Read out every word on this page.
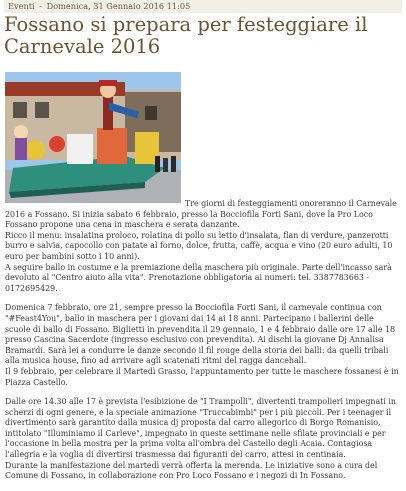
Eventi - Domenica, 31 Gennaio 2016 11:05
Fossano si prepara per festeggiare il Carnevale 2016

Tre giorni di festeggiamenti onoreranno il Carnevale 2016 a Fossano. Si inizia sabato 6 febbraio, presso la Bocciofila Forti Sani, dove la Pro Loco Fossano propone una cena in maschera e serata danzante.
Ricco il menu: insalatina proloco, rolatina di pollo su letto d'insalata, flan di verdure, panzerotti burro e salvia, capocollo con patate al forno, dolce, frutta, caffè, acqua e vino (20 euro adulti, 10 euro per bambini sotto i 10 anni).
A seguire ballo in costume e la premiazione della maschera più originale. Parte dell'incasso sarà devoluto al "Centro aiuto alla vita". Prenotazione obbligatoria ai numeri: tel. 3387783663 - 0172695429.

Domenica 7 febbraio, ore 21, sempre presso la Bocciofila Forti Sani, il carnevale continua con "#Feast4You", ballo in maschera per i giovani dai 14 ai 18 anni. Partecipano i ballerini delle scuole di ballo di Fossano. Biglietti in prevendita il 29 gennaio, 1 e 4 febbraio dalle ore 17 alle 18 presso Cascina Sacerdote (ingresso esclusivo con prevendita). Ai dischi la giovane Dj Annalisa Bramardi. Sarà lei a condurre le danze secondo il fil rouge della storia dei balli: da quelli tribali alla musica house, fino ad arrivare agli scatenati ritmi del ragga dancehall.
Il 9 febbraio, per celebrare il Martedì Grasso, l'appuntamento per tutte le maschere fossanesi è in Piazza Castello.

Dalle ore 14.30 alle 17 è prevista l'esibizione de "I Trampolli", divertenti trampolieri impegnati in scherzi di ogni genere, e la speciale animazione "Truccabimbi" per i più piccoli. Per i teenager il divertimento sarà garantito dalla musica dj proposta dal carro allegorico di Borgo Romanisio, intitolato "Illuminiamo il Carleve", impegnato in queste settimane nelle sfilate provinciali e per l'occasione in bella mostra per la prima volta all'ombra del Castello degli Acaia. Contagiosa l'allegria e la voglia di divertirsi trasmessa dai figuranti del carro, attesi in centinaia.
Durante la manifestazione del martedì verrà offerta la merenda. Le iniziative sono a cura del Comune di Fossano, in collaborazione con Pro Loco Fossano e i negozi di In Fossano.
